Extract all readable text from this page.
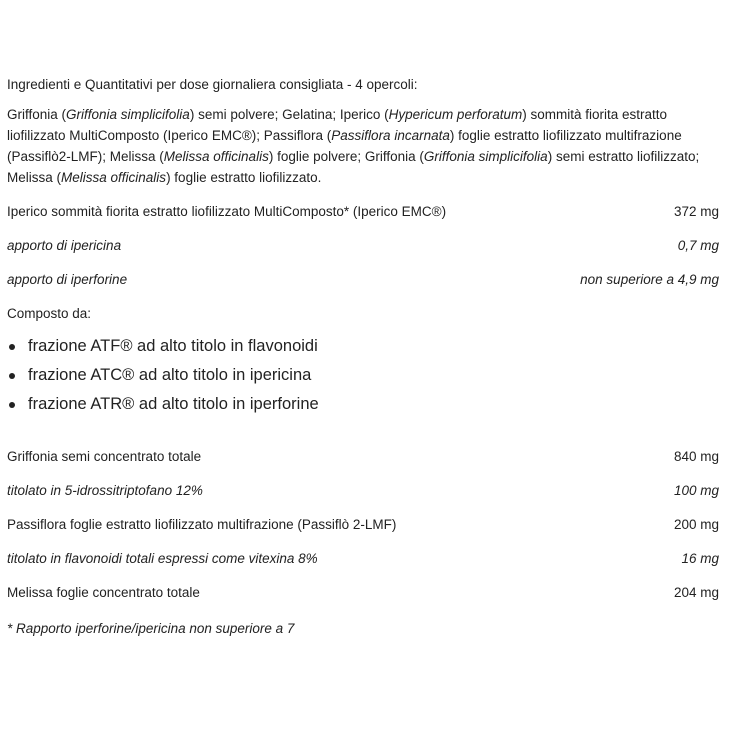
Ingredienti e Quantitativi per dose giornaliera consigliata - 4 opercoli:
Griffonia (Griffonia simplicifolia) semi polvere; Gelatina; Iperico (Hypericum perforatum) sommità fiorita estratto liofilizzato MultiComposto (Iperico EMC®); Passiflora (Passiflora incarnata) foglie estratto liofilizzato multifrazione (Passiflò2-LMF); Melissa (Melissa officinalis) foglie polvere; Griffonia (Griffonia simplicifolia) semi estratto liofilizzato; Melissa (Melissa officinalis) foglie estratto liofilizzato.
Iperico sommità fiorita estratto liofilizzato MultiComposto* (Iperico EMC®)	372 mg
apporto di ipericina	0,7 mg
apporto di iperforine	non superiore a 4,9 mg
Composto da:
frazione ATF® ad alto titolo in flavonoidi
frazione ATC® ad alto titolo in ipericina
frazione ATR® ad alto titolo in iperforine
Griffonia semi concentrato totale	840 mg
titolato in 5-idrossitriptofano 12%	100 mg
Passiflora foglie estratto liofilizzato multifrazione (Passiflò 2-LMF)	200 mg
titolato in flavonoidi totali espressi come vitexina 8%	16 mg
Melissa foglie concentrato totale	204 mg
* Rapporto iperforine/ipericina non superiore a 7
